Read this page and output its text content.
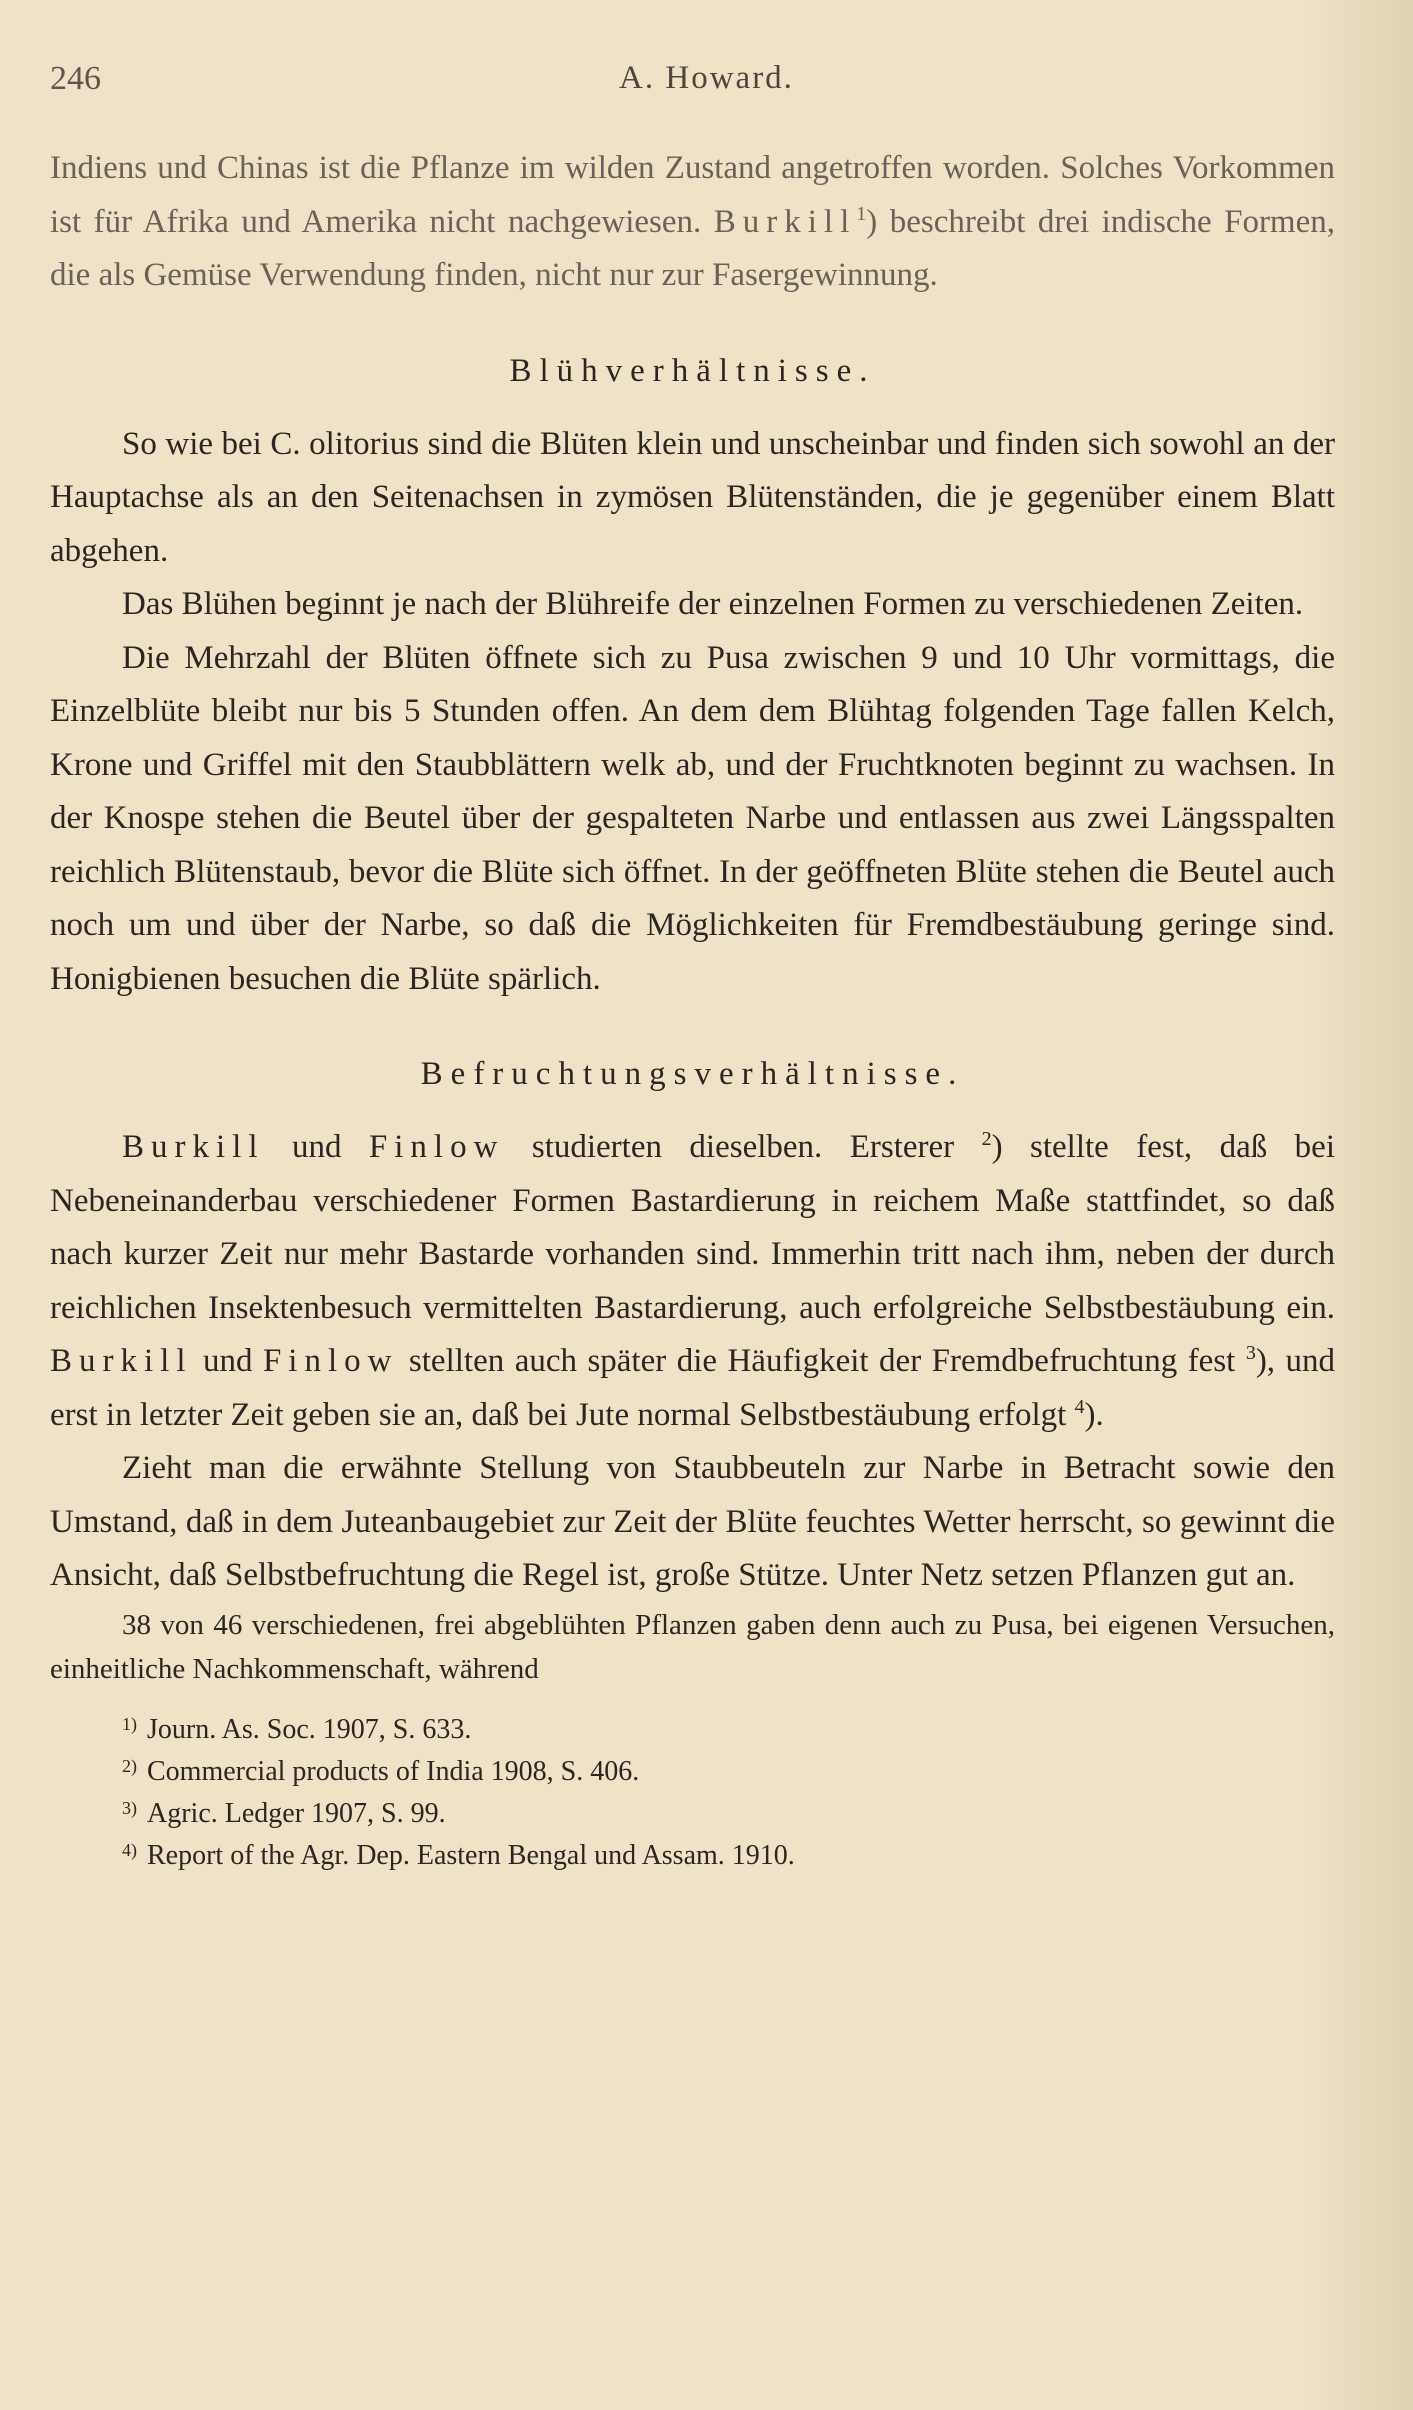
246	A. Howard.

Indiens und Chinas ist die Pflanze im wilden Zustand angetroffen worden. Solches Vorkommen ist für Afrika und Amerika nicht nachgewiesen. Burkill$^1$) beschreibt drei indische Formen, die als Gemüse Verwendung finden, nicht nur zur Fasergewinnung.

Blühverhältnisse.

So wie bei C. olitorius sind die Blüten klein und unscheinbar und finden sich sowohl an der Hauptachse als an den Seitenachsen in zymösen Blütenständen, die je gegenüber einem Blatt abgehen.

Das Blühen beginnt je nach der Blühreife der einzelnen Formen zu verschiedenen Zeiten.

Die Mehrzahl der Blüten öffnete sich zu Pusa zwischen 9 und 10 Uhr vormittags, die Einzelblüte bleibt nur bis 5 Stunden offen. An dem dem Blühtag folgenden Tage fallen Kelch, Krone und Griffel mit den Staubblättern welk ab, und der Fruchtknoten beginnt zu wachsen. In der Knospe stehen die Beutel über der gespalteten Narbe und entlassen aus zwei Längsspalten reichlich Blütenstaub, bevor die Blüte sich öffnet. In der geöffneten Blüte stehen die Beutel auch noch um und über der Narbe, so daß die Möglichkeiten für Fremdbestäubung geringe sind. Honigbienen besuchen die Blüte spärlich.

Befruchtungsverhältnisse.

Burkill und Finlow studierten dieselben. Ersterer $^2$) stellte fest, daß bei Nebeneinanderbau verschiedener Formen Bastardierung in reichem Maße stattfindet, so daß nach kurzer Zeit nur mehr Bastarde vorhanden sind. Immerhin tritt nach ihm, neben der durch reichlichen Insektenbesuch vermittelten Bastardierung, auch erfolgreiche Selbstbestäubung ein. Burkill und Finlow stellten auch später die Häufigkeit der Fremdbefruchtung fest $^3$), und erst in letzter Zeit geben sie an, daß bei Jute normal Selbstbestäubung erfolgt $^4$).

Zieht man die erwähnte Stellung von Staubbeuteln zur Narbe in Betracht sowie den Umstand, daß in dem Juteanbaugebiet zur Zeit der Blüte feuchtes Wetter herrscht, so gewinnt die Ansicht, daß Selbstbefruchtung die Regel ist, große Stütze. Unter Netz setzen Pflanzen gut an.

38 von 46 verschiedenen, frei abgeblühten Pflanzen gaben denn auch zu Pusa, bei eigenen Versuchen, einheitliche Nachkommenschaft, während

1) Journ. As. Soc. 1907, S. 633.
2) Commercial products of India 1908, S. 406.
3) Agric. Ledger 1907, S. 99.
4) Report of the Agr. Dep. Eastern Bengal und Assam. 1910.
